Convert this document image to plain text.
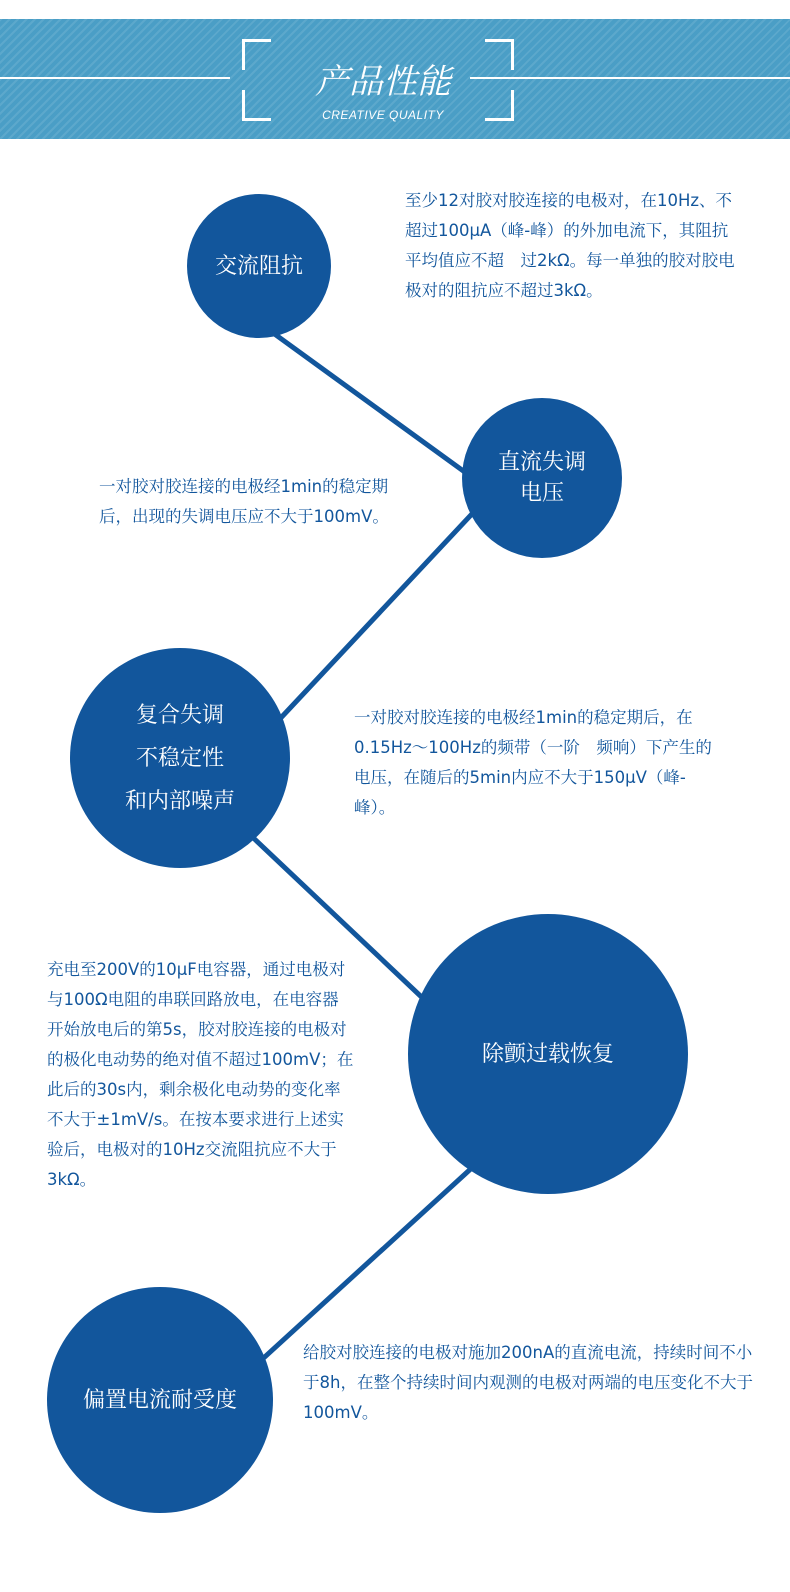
产品性能
CREATIVE QUALITY
交流阻抗

至少12对胶对胶连接的电极对，在10Hz、不超过100μA（峰-峰）的外加电流下，其阻抗平均值应不超　过2kΩ。每一单独的胶对胶电极对的阻抗应不超过3kΩ。

直流失调
电压

一对胶对胶连接的电极经1min的稳定期后，出现的失调电压应不大于100mV。

复合失调
不稳定性
和内部噪声

一对胶对胶连接的电极经1min的稳定期后，在0.15Hz～100Hz的频带（一阶　频响）下产生的电压，在随后的5min内应不大于150μV（峰-峰）。

除颤过载恢复

充电至200V的10μF电容器，通过电极对与100Ω电阻的串联回路放电，在电容器开始放电后的第5s，胶对胶连接的电极对的极化电动势的绝对值不超过100mV；在此后的30s内，剩余极化电动势的变化率不大于±1mV/s。在按本要求进行上述实验后，电极对的10Hz交流阻抗应不大于3kΩ。

偏置电流耐受度

给胶对胶连接的电极对施加200nA的直流电流，持续时间不小于8h，在整个持续时间内观测的电极对两端的电压变化不大于100mV。
